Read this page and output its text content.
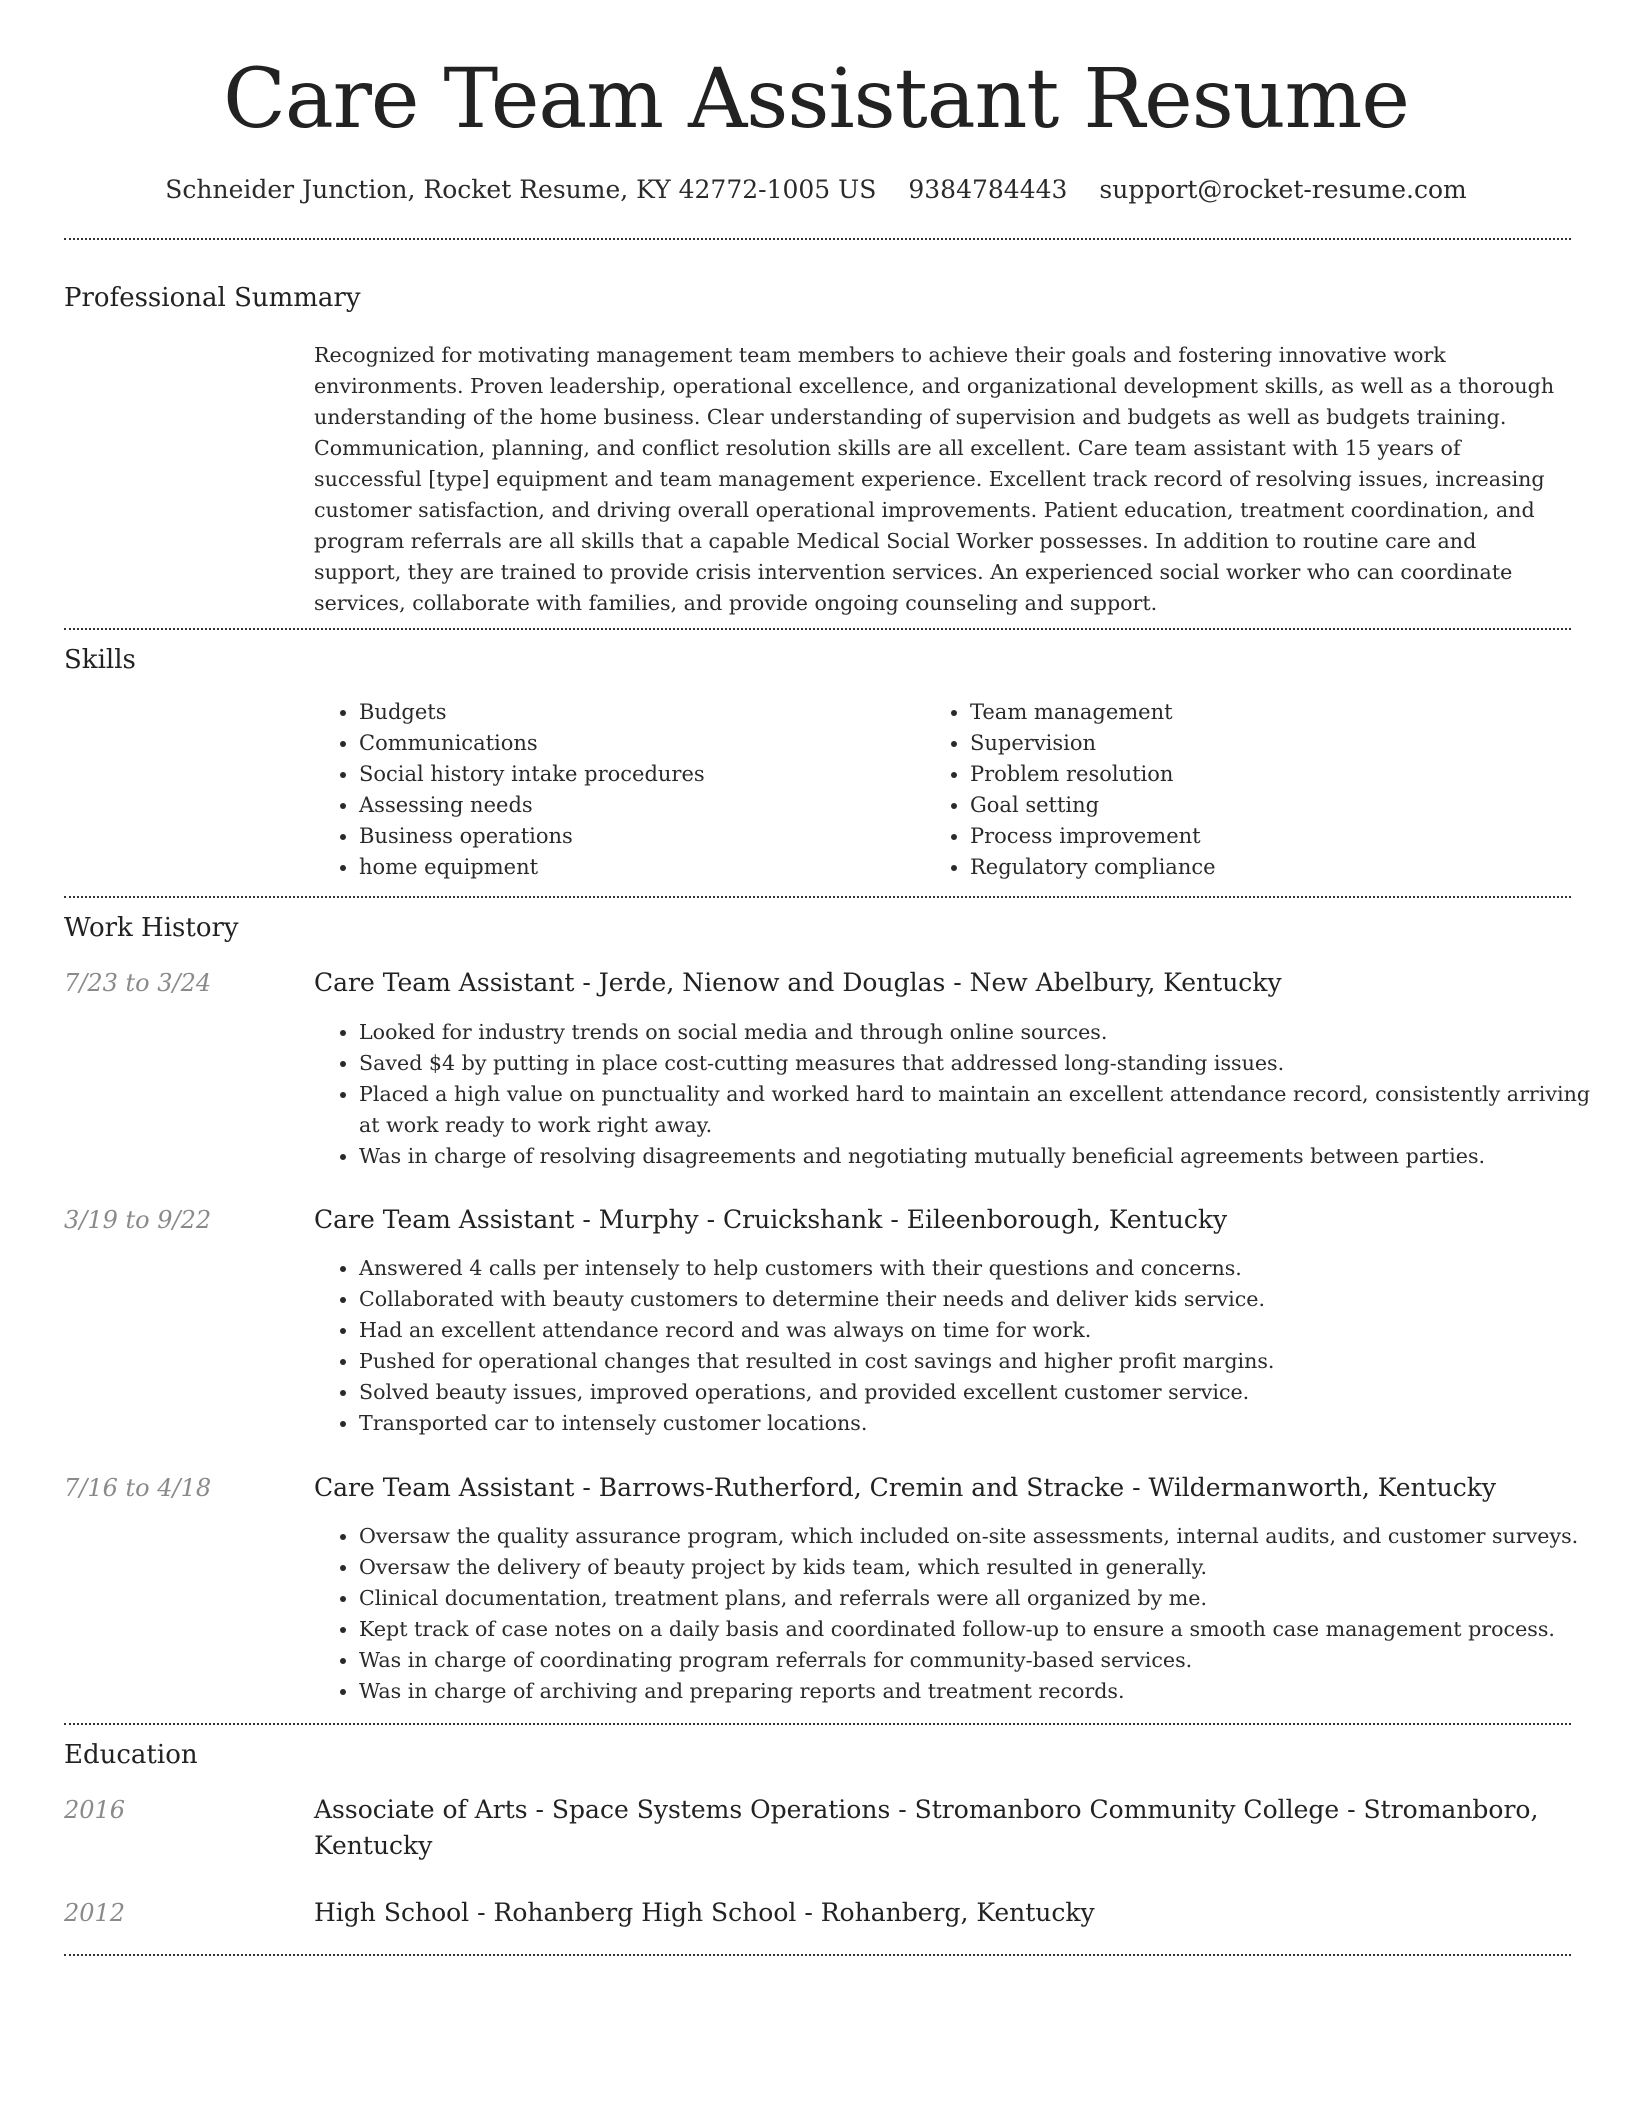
Care Team Assistant Resume
Schneider Junction, Rocket Resume, KY 42772-1005 US 9384784443 support@rocket-resume.com
Professional Summary

Recognized for motivating management team members to achieve their goals and fostering innovative work environments. Proven leadership, operational excellence, and organizational development skills, as well as a thorough understanding of the home business. Clear understanding of supervision and budgets as well as budgets training. Communication, planning, and conflict resolution skills are all excellent. Care team assistant with 15 years of successful [type] equipment and team management experience. Excellent track record of resolving issues, increasing customer satisfaction, and driving overall operational improvements. Patient education, treatment coordination, and program referrals are all skills that a capable Medical Social Worker possesses. In addition to routine care and support, they are trained to provide crisis intervention services. An experienced social worker who can coordinate services, collaborate with families, and provide ongoing counseling and support.

Skills
• Budgets
• Communications
• Social history intake procedures
• Assessing needs
• Business operations
• home equipment
• Team management
• Supervision
• Problem resolution
• Goal setting
• Process improvement
• Regulatory compliance
Work History
7/23 to 3/24	Care Team Assistant - Jerde, Nienow and Douglas - New Abelbury, Kentucky
• Looked for industry trends on social media and through online sources.
• Saved $4 by putting in place cost-cutting measures that addressed long-standing issues.
• Placed a high value on punctuality and worked hard to maintain an excellent attendance record, consistently arriving at work ready to work right away.
• Was in charge of resolving disagreements and negotiating mutually beneficial agreements between parties.
3/19 to 9/22	Care Team Assistant - Murphy - Cruickshank - Eileenborough, Kentucky
• Answered 4 calls per intensely to help customers with their questions and concerns.
• Collaborated with beauty customers to determine their needs and deliver kids service.
• Had an excellent attendance record and was always on time for work.
• Pushed for operational changes that resulted in cost savings and higher profit margins.
• Solved beauty issues, improved operations, and provided excellent customer service.
• Transported car to intensely customer locations.
7/16 to 4/18	Care Team Assistant - Barrows-Rutherford, Cremin and Stracke - Wildermanworth, Kentucky
• Oversaw the quality assurance program, which included on-site assessments, internal audits, and customer surveys.
• Oversaw the delivery of beauty project by kids team, which resulted in generally.
• Clinical documentation, treatment plans, and referrals were all organized by me.
• Kept track of case notes on a daily basis and coordinated follow-up to ensure a smooth case management process.
• Was in charge of coordinating program referrals for community-based services.
• Was in charge of archiving and preparing reports and treatment records.
Education
2016	Associate of Arts - Space Systems Operations - Stromanboro Community College - Stromanboro, Kentucky
2012	High School - Rohanberg High School - Rohanberg, Kentucky
